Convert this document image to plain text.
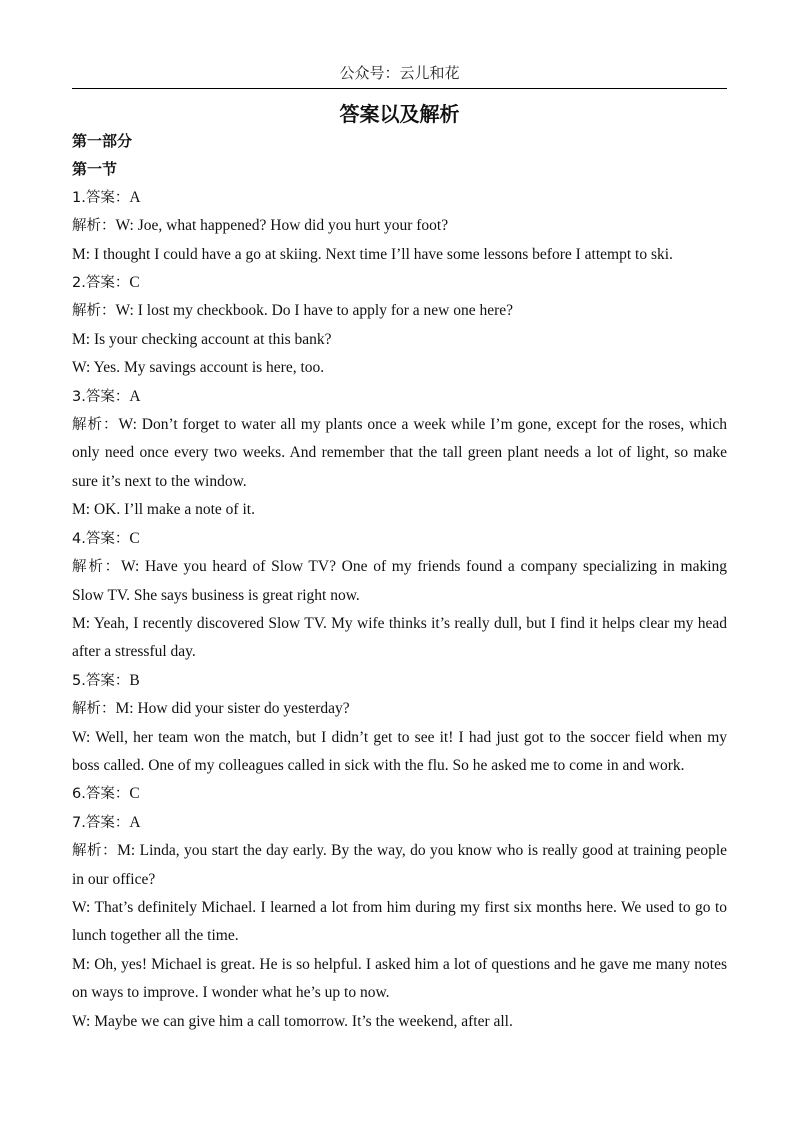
公众号：云儿和花
答案以及解析
第一部分
第一节
1.答案：A
解析：W: Joe, what happened? How did you hurt your foot?
M: I thought I could have a go at skiing. Next time I’ll have some lessons before I attempt to ski.
2.答案：C
解析：W: I lost my checkbook. Do I have to apply for a new one here?
M: Is your checking account at this bank?
W: Yes. My savings account is here, too.
3.答案：A
解析：W: Don’t forget to water all my plants once a week while I’m gone, except for the roses, which only need once every two weeks. And remember that the tall green plant needs a lot of light, so make sure it’s next to the window.
M: OK. I’ll make a note of it.
4.答案：C
解析：W: Have you heard of Slow TV? One of my friends found a company specializing in making Slow TV. She says business is great right now.
M: Yeah, I recently discovered Slow TV. My wife thinks it’s really dull, but I find it helps clear my head after a stressful day.
5.答案：B
解析：M: How did your sister do yesterday?
W: Well, her team won the match, but I didn’t get to see it! I had just got to the soccer field when my boss called. One of my colleagues called in sick with the flu. So he asked me to come in and work.
6.答案：C
7.答案：A
解析：M: Linda, you start the day early. By the way, do you know who is really good at training people in our office?
W: That’s definitely Michael. I learned a lot from him during my first six months here. We used to go to lunch together all the time.
M: Oh, yes! Michael is great. He is so helpful. I asked him a lot of questions and he gave me many notes on ways to improve. I wonder what he’s up to now.
W: Maybe we can give him a call tomorrow. It’s the weekend, after all.
